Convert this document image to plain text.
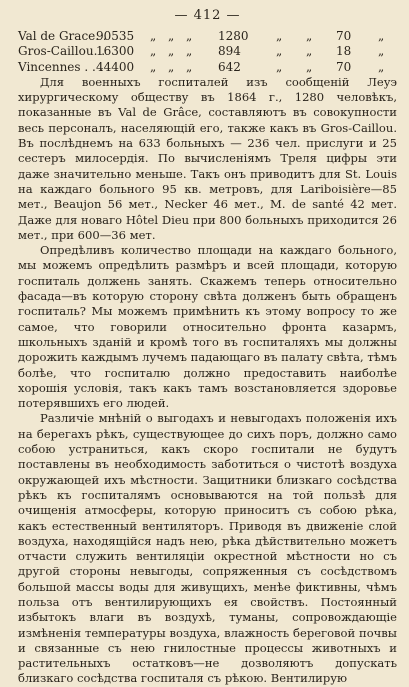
— 412 —
Val de Grace. .
90535 „ „ „ 1280 „ „ 70 „
Gros-Caillou. .
16300 „ „ „ 894	„ „ 18 „
Vincennes . . .
44400 „ „ „ 642	„ „ 70 „

Для военныхъ госпиталей изъ сообщеній Леуэ хирургическому обществу въ 1864 г., 1280 человѣкъ, показанные въ Val de Grâce, составляютъ въ совокупности весь персоналъ, населяющій его, также какъ въ Gros-Caillou. Въ послѣднемъ на 633 больныхъ — 236 чел. прислуги и 25 сестеръ милосердія. По вычисленіямъ Треля цифры эти даже значительно меньше. Такъ онъ приводитъ для St. Louis на каждаго больного 95 кв. метровъ, для Lariboisière—85 мет., Beaujon 56 мет., Necker 46 мет., M. de santé 42 мет. Даже для новаго Hôtel Dieu при 800 больныхъ приходится 26 мет., при 600—36 мет.

Опредѣливъ количество площади на каждаго больного, мы можемъ опредѣлить размѣръ и всей площади, которую госпиталь должень занять. Скажемъ теперь относительно фасада—въ которую сторону свѣта долженъ быть обращенъ госпиталь? Мы можемъ примѣнить къ этому вопросу то же самое, что говорили относительно фронта казармъ, школьныхъ зданій и кромѣ того въ госпиталяхъ мы должны дорожить каждымъ лучемъ падающаго въ палату свѣта, тѣмъ болѣе, что госпиталю должно предоставить наиболѣе хорошія условія, такъ какъ тамъ возстановляется здоровье потерявшихъ его людей.

Различіе мнѣній о выгодахъ и невыгодахъ положенія ихъ на берегахъ рѣкъ, существующее до сихъ поръ, должно само собою устраниться, какъ скоро госпитали не будутъ поставлены въ необходимость заботиться о чистотѣ воздуха окружающей ихъ мѣстности. Защитники близкаго сосѣдства рѣкъ къ госпиталямъ основываются на той пользѣ для очищенія атмосферы, которую приноситъ съ собою рѣка, какъ естественный вентиляторъ. Приводя въ движеніе слой воздуха, находящійся надъ нею, рѣка дѣйствительно можетъ отчасти служить вентиляціи окрестной мѣстности но съ другой стороны невыгоды, сопряженныя съ сосѣдствомъ большой массы воды для живущихъ, менѣе фиктивны, чѣмъ польза отъ вентилирующихъ ея свойствъ. Постоянный избытокъ влаги въ воздухѣ, туманы, сопровождающіе измѣненія температуры воздуха, влажность береговой почвы и связанные съ нею гнилостные процессы животныхъ и растительныхъ остатковъ—не дозволяютъ допускать близкаго сосѣдства госпиталя съ рѣкою. Вентилирую
